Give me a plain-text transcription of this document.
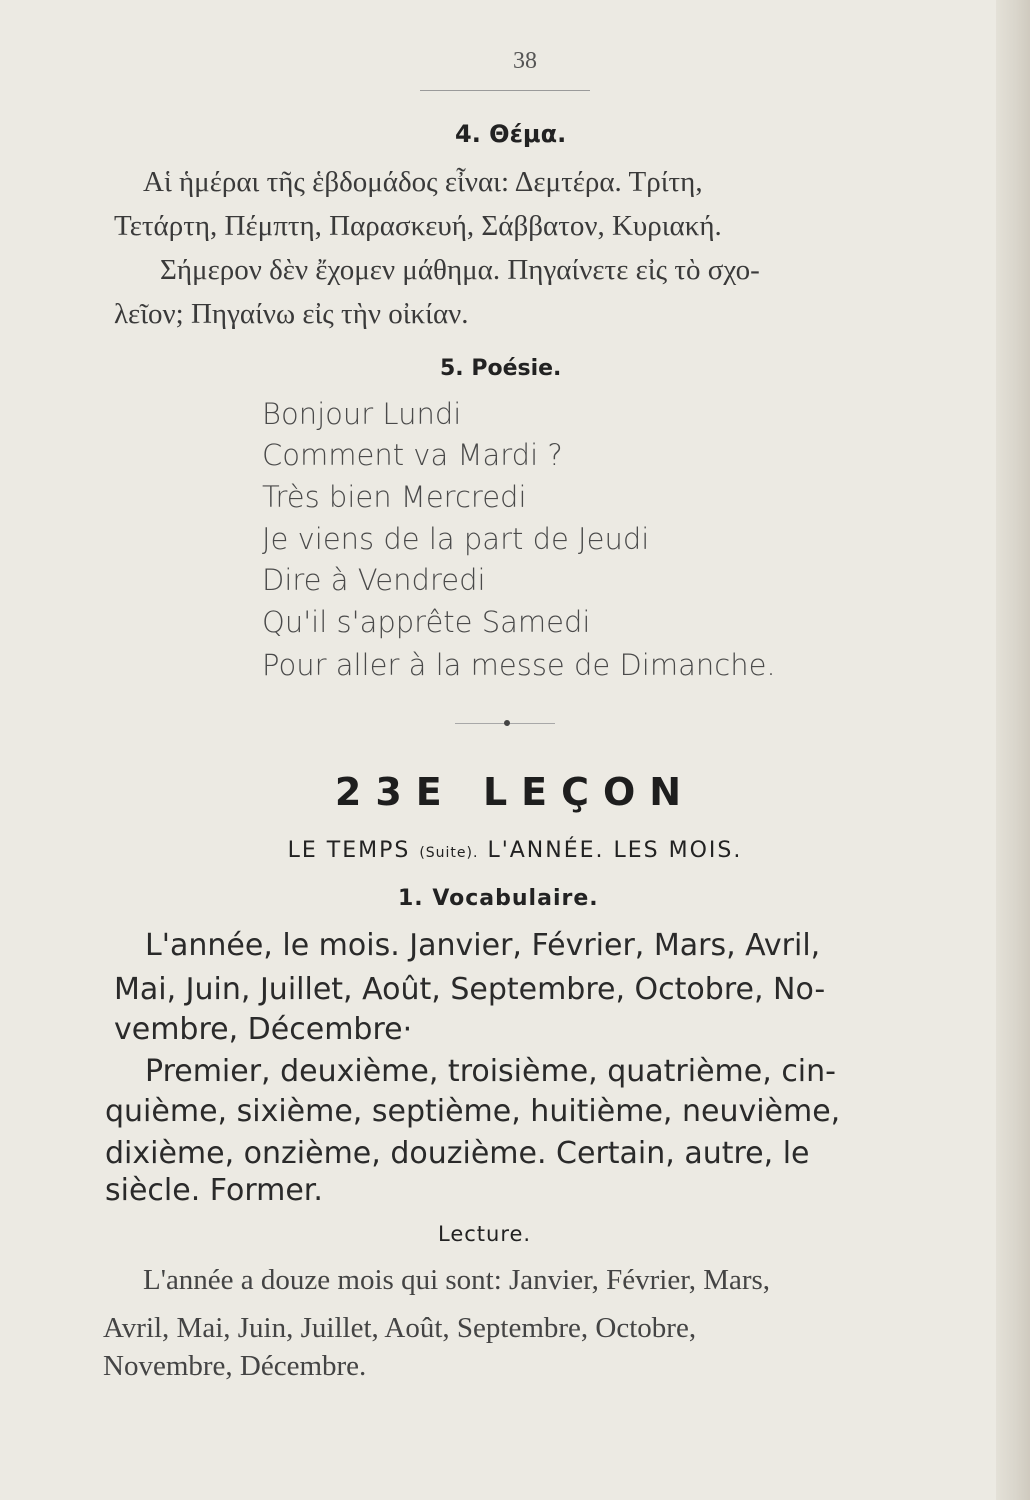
38
4. Θέμα.
Αἱ ἡμέραι τῆς ἑβδομάδος εἶναι: Δεμτέρα. Τρίτη,
Τετάρτη, Πέμπτη, Παρασκευή, Σάββατον, Κυριακή.
Σήμερον δὲν ἔχομεν μάθημα. Πηγαίνετε εἰς τὸ σχο-
λεῖον; Πηγαίνω εἰς τὴν οἰκίαν.
5. Poésie.
Bonjour Lundi
Comment va Mardi ?
Très bien Mercredi
Je viens de la part de Jeudi
Dire à Vendredi
Qu'il s'apprête Samedi
Pour aller à la messe de Dimanche.
23E LEÇON
LE TEMPS (Suite). L'ANNÉE. LES MOIS.
1. Vocabulaire.
L'année, le mois. Janvier, Février, Mars, Avril,
Mai, Juin, Juillet, Août, Septembre, Octobre, No-
vembre, Décembre·
Premier, deuxième, troisième, quatrième, cin-
quième, sixième, septième, huitième, neuvième,
dixième, onzième, douzième. Certain, autre, le
siècle. Former.
Lecture.
L'année a douze mois qui sont: Janvier, Février, Mars,
Avril, Mai, Juin, Juillet, Août, Septembre, Octobre,
Novembre, Décembre.
